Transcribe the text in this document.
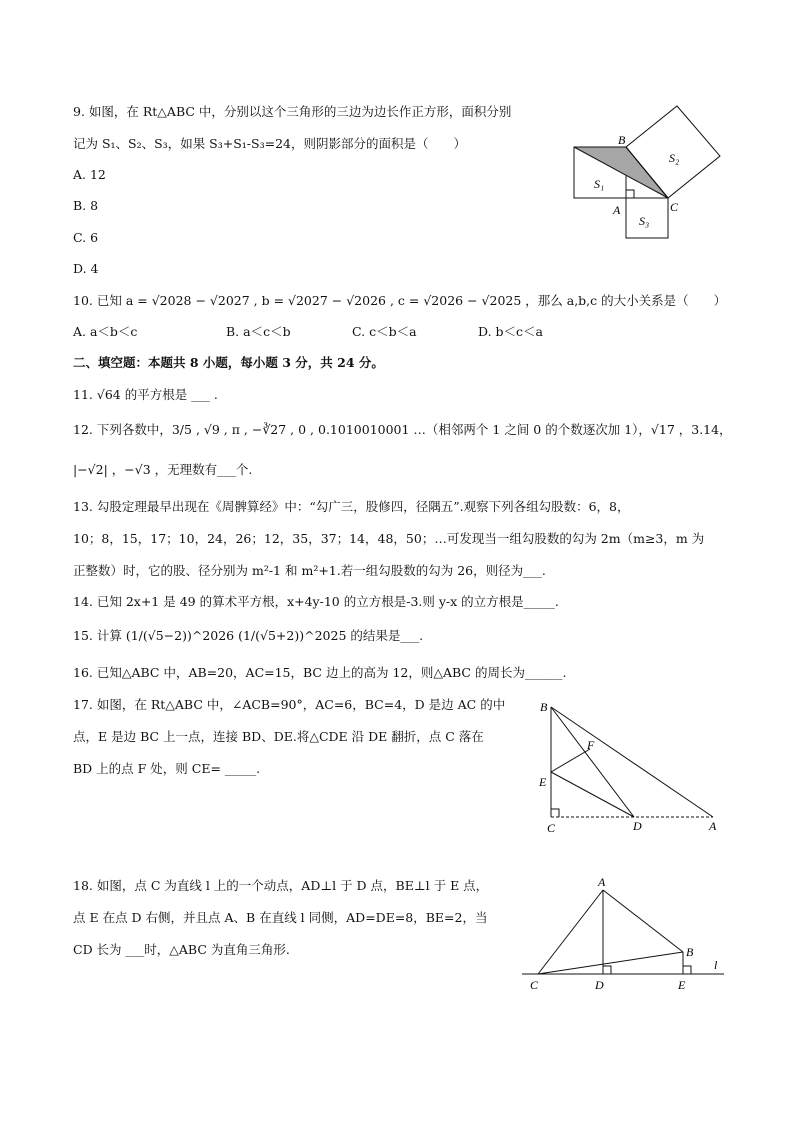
9. 如图，在 Rt△ABC 中，分别以这个三角形的三边为边长作正方形，面积分别
记为 S₁、S₂、S₃，如果 S₃+S₁-S₃=24，则阴影部分的面积是（　　）
A. 12
B. 8
C. 6
D. 4
B
A	C
S₁
S₂
S₃
10. 已知 a = √2028 − √2027 , b = √2027 − √2026 , c = √2026 − √2025 ，那么 a,b,c 的大小关系是（　　）
A. a＜b＜c	B. a＜c＜b	C. c＜b＜a	D. b＜c＜a
二、填空题：本题共 8 小题，每小题 3 分，共 24 分。
11. √64 的平方根是 ___ .
12. 下列各数中，3/5 , √9 , π , −∛27 , 0 , 0.1010010001 …（相邻两个 1 之间 0 的个数逐次加 1），√17 ，3.14，
|−√2| ，−√3 ，无理数有___个.
13. 勾股定理最早出现在《周髀算经》中：“勾广三，股修四，径隅五”.观察下列各组勾股数：6，8，
10；8，15，17；10，24，26；12，35，37；14，48，50；…可发现当一组勾股数的勾为 2m（m≥3，m 为
正整数）时，它的股、径分别为 m²-1 和 m²+1.若一组勾股数的勾为 26，则径为___.
14. 已知 2x+1 是 49 的算术平方根，x+4y-10 的立方根是-3.则 y-x 的立方根是_____.
15. 计算 (1/(√5−2))^2026 (1/(√5+2))^2025 的结果是___.
16. 已知△ABC 中，AB=20，AC=15，BC 边上的高为 12，则△ABC 的周长为______.
17. 如图，在 Rt△ABC 中，∠ACB=90°，AC=6，BC=4，D 是边 AC 的中
点，E 是边 BC 上一点，连接 BD、DE.将△CDE 沿 DE 翻折，点 C 落在
BD 上的点 F 处，则 CE= _____.
B
F
E
C	D	A
18. 如图，点 C 为直线 l 上的一个动点，AD⊥l 于 D 点，BE⊥l 于 E 点，
点 E 在点 D 右侧，并且点 A、B 在直线 l 同侧，AD=DE=8，BE=2，当
CD 长为 ___时，△ABC 为直角三角形.
A
B
C	D	E
l
